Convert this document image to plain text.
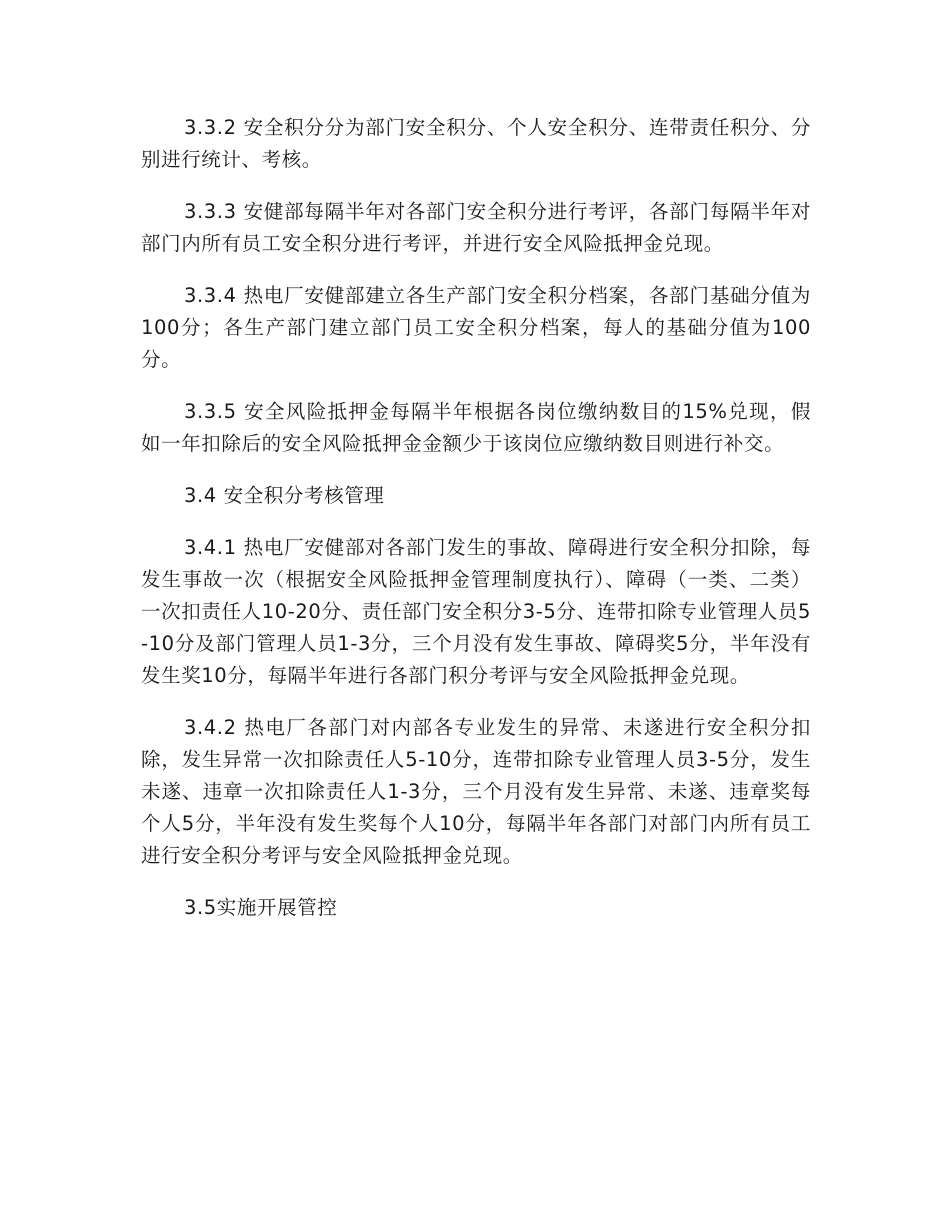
3.3.2 安全积分分为部门安全积分、个人安全积分、连带责任积分、分别进行统计、考核。

3.3.3 安健部每隔半年对各部门安全积分进行考评，各部门每隔半年对部门内所有员工安全积分进行考评，并进行安全风险抵押金兑现。

3.3.4 热电厂安健部建立各生产部门安全积分档案，各部门基础分值为100分；各生产部门建立部门员工安全积分档案，每人的基础分值为100分。

3.3.5 安全风险抵押金每隔半年根据各岗位缴纳数目的15%兑现，假如一年扣除后的安全风险抵押金金额少于该岗位应缴纳数目则进行补交。

3.4 安全积分考核管理

3.4.1 热电厂安健部对各部门发生的事故、障碍进行安全积分扣除，每发生事故一次（根据安全风险抵押金管理制度执行）、障碍（一类、二类）一次扣责任人10-20分、责任部门安全积分3-5分、连带扣除专业管理人员5-10分及部门管理人员1-3分，三个月没有发生事故、障碍奖5分，半年没有发生奖10分，每隔半年进行各部门积分考评与安全风险抵押金兑现。

3.4.2 热电厂各部门对内部各专业发生的异常、未遂进行安全积分扣除，发生异常一次扣除责任人5-10分，连带扣除专业管理人员3-5分，发生未遂、违章一次扣除责任人1-3分，三个月没有发生异常、未遂、违章奖每个人5分，半年没有发生奖每个人10分，每隔半年各部门对部门内所有员工进行安全积分考评与安全风险抵押金兑现。

3.5实施开展管控
